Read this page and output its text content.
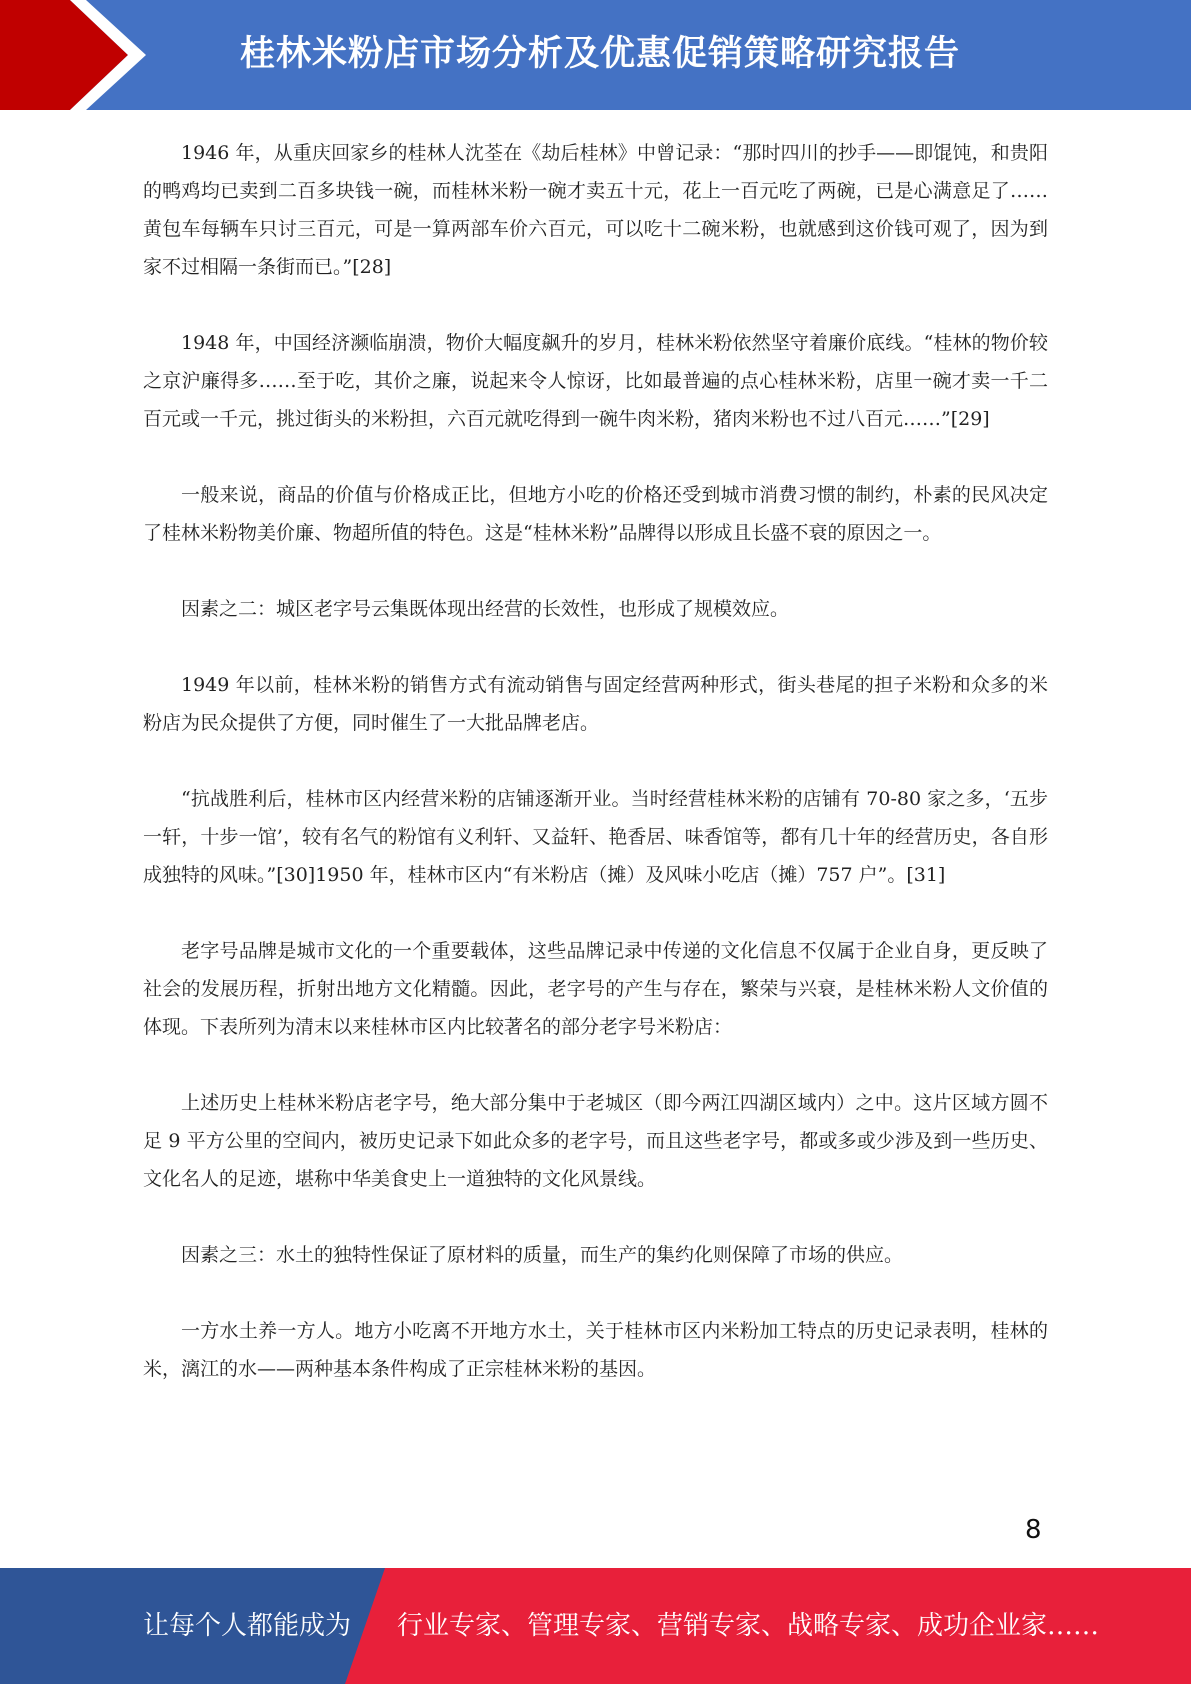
桂林米粉店市场分析及优惠促销策略研究报告

1946 年，从重庆回家乡的桂林人沈荃在《劫后桂林》中曾记录：“那时四川的抄手——即馄饨，和贵阳的鸭鸡均已卖到二百多块钱一碗，而桂林米粉一碗才卖五十元，花上一百元吃了两碗，已是心满意足了……黄包车每辆车只讨三百元，可是一算两部车价六百元，可以吃十二碗米粉，也就感到这价钱可观了，因为到家不过相隔一条街而已。”[28]

1948 年，中国经济濒临崩溃，物价大幅度飙升的岁月，桂林米粉依然坚守着廉价底线。“桂林的物价较之京沪廉得多……至于吃，其价之廉，说起来令人惊讶，比如最普遍的点心桂林米粉，店里一碗才卖一千二百元或一千元，挑过街头的米粉担，六百元就吃得到一碗牛肉米粉，猪肉米粉也不过八百元……”[29]

一般来说，商品的价值与价格成正比，但地方小吃的价格还受到城市消费习惯的制约，朴素的民风决定了桂林米粉物美价廉、物超所值的特色。这是“桂林米粉”品牌得以形成且长盛不衰的原因之一。

因素之二：城区老字号云集既体现出经营的长效性，也形成了规模效应。

1949 年以前，桂林米粉的销售方式有流动销售与固定经营两种形式，街头巷尾的担子米粉和众多的米粉店为民众提供了方便，同时催生了一大批品牌老店。

“抗战胜利后，桂林市区内经营米粉的店铺逐渐开业。当时经营桂林米粉的店铺有 70-80 家之多，‘五步一轩，十步一馆’，较有名气的粉馆有义利轩、又益轩、艳香居、味香馆等，都有几十年的经营历史，各自形成独特的风味。”[30]1950 年，桂林市区内“有米粉店（摊）及风味小吃店（摊）757 户”。[31]

老字号品牌是城市文化的一个重要载体，这些品牌记录中传递的文化信息不仅属于企业自身，更反映了社会的发展历程，折射出地方文化精髓。因此，老字号的产生与存在，繁荣与兴衰，是桂林米粉人文价值的体现。下表所列为清末以来桂林市区内比较著名的部分老字号米粉店：

上述历史上桂林米粉店老字号，绝大部分集中于老城区（即今两江四湖区域内）之中。这片区域方圆不足 9 平方公里的空间内，被历史记录下如此众多的老字号，而且这些老字号，都或多或少涉及到一些历史、文化名人的足迹，堪称中华美食史上一道独特的文化风景线。

因素之三：水土的独特性保证了原材料的质量，而生产的集约化则保障了市场的供应。

一方水土养一方人。地方小吃离不开地方水土，关于桂林市区内米粉加工特点的历史记录表明，桂林的米，漓江的水——两种基本条件构成了正宗桂林米粉的基因。

8
让每个人都能成为 行业专家、管理专家、营销专家、战略专家、成功企业家……
